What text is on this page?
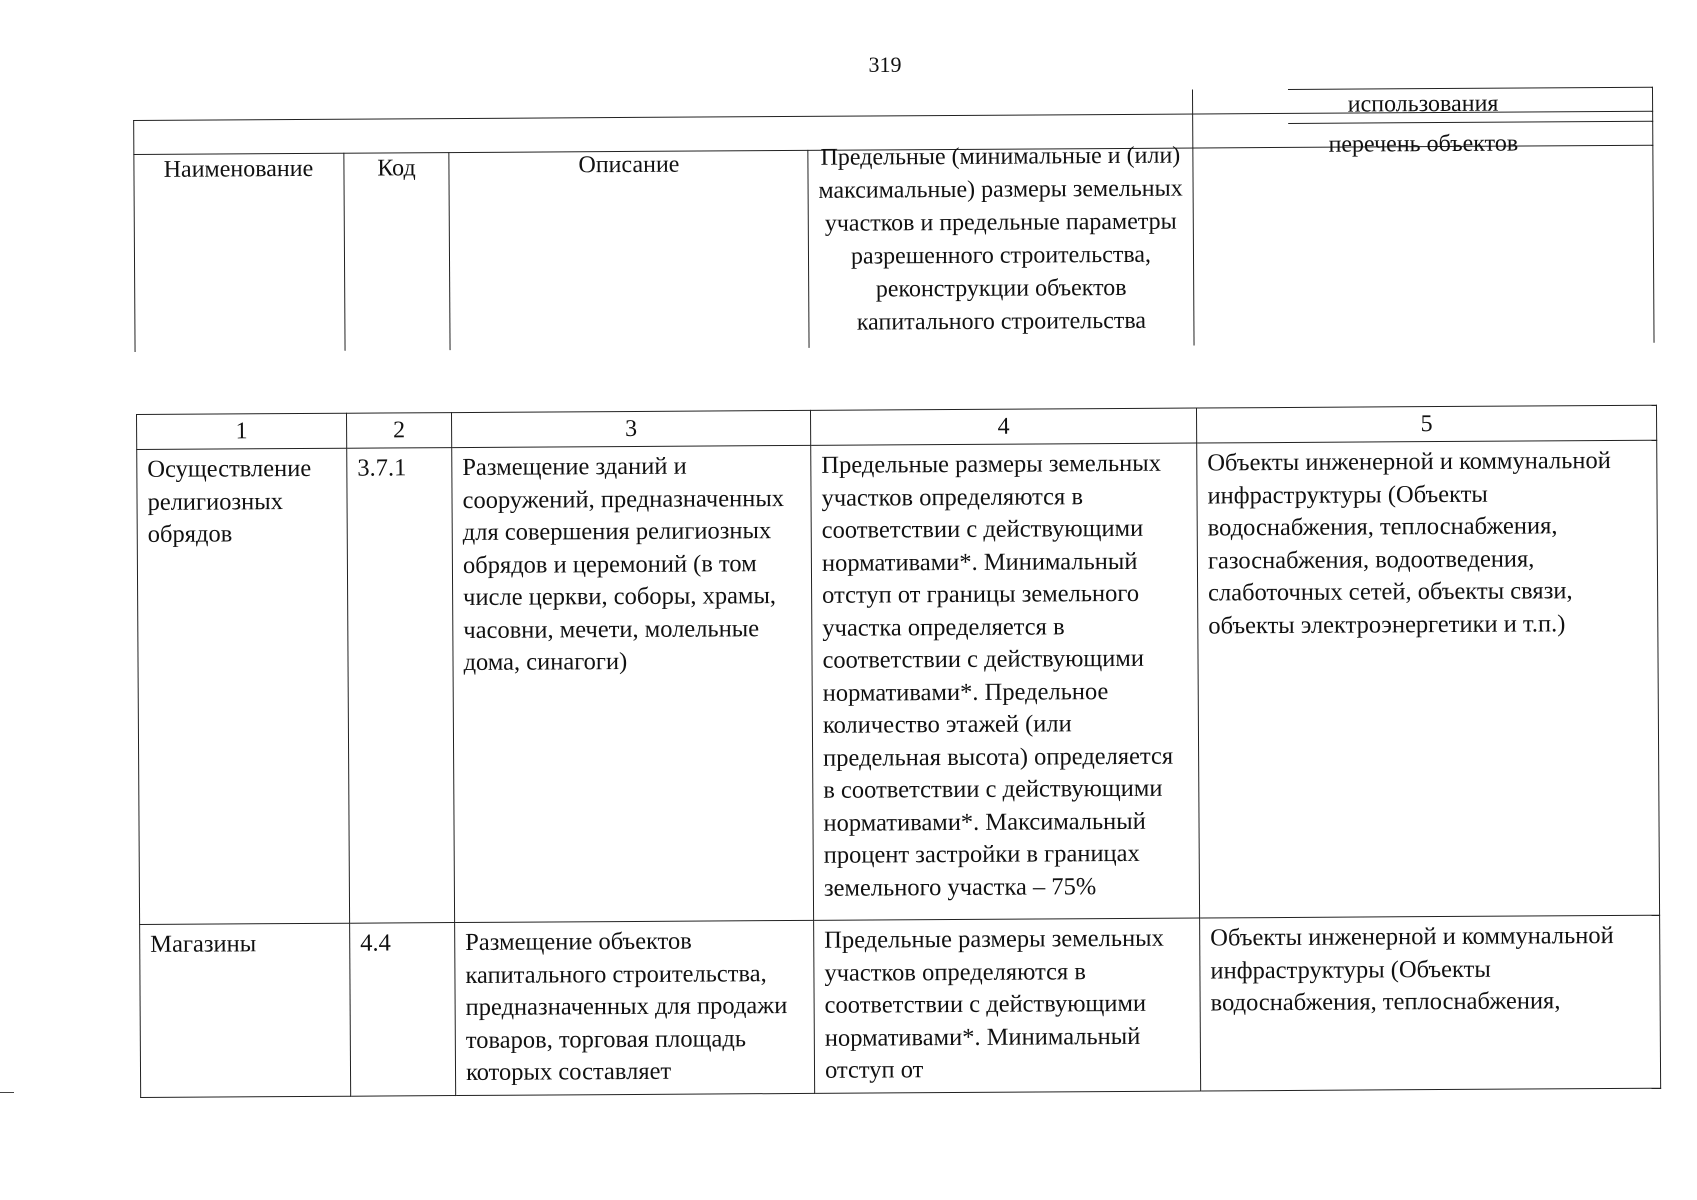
319
использования
Наименование	Код	Описание	Предельные (минимальные и (или) максимальные) размеры земельных участков и предельные параметры разрешенного строительства, реконструкции объектов капитального строительства
перечень объектов
1	2	3	4	5
Осуществление религиозных обрядов	3.7.1	Размещение зданий и сооружений, предназначенных для совершения религиозных обрядов и церемоний (в том числе церкви, соборы, храмы, часовни, мечети, молельные дома, синагоги)	Предельные размеры земельных участков определяются в соответствии с действующими нормативами*. Минимальный отступ от границы земельного участка определяется в соответствии с действующими нормативами*. Предельное количество этажей (или предельная высота) определяется в соответствии с действующими нормативами*. Максимальный процент застройки в границах земельного участка – 75%	Объекты инженерной и коммунальной инфраструктуры (Объекты водоснабжения, теплоснабжения, газоснабжения, водоотведения, слаботочных сетей, объекты связи, объекты электроэнергетики и т.п.)
Магазины	4.4	Размещение объектов капитального строительства, предназначенных для продажи товаров, торговая площадь которых составляет	Предельные размеры земельных участков определяются в соответствии с действующими нормативами*. Минимальный отступ от	Объекты инженерной и коммунальной инфраструктуры (Объекты водоснабжения, теплоснабжения,
